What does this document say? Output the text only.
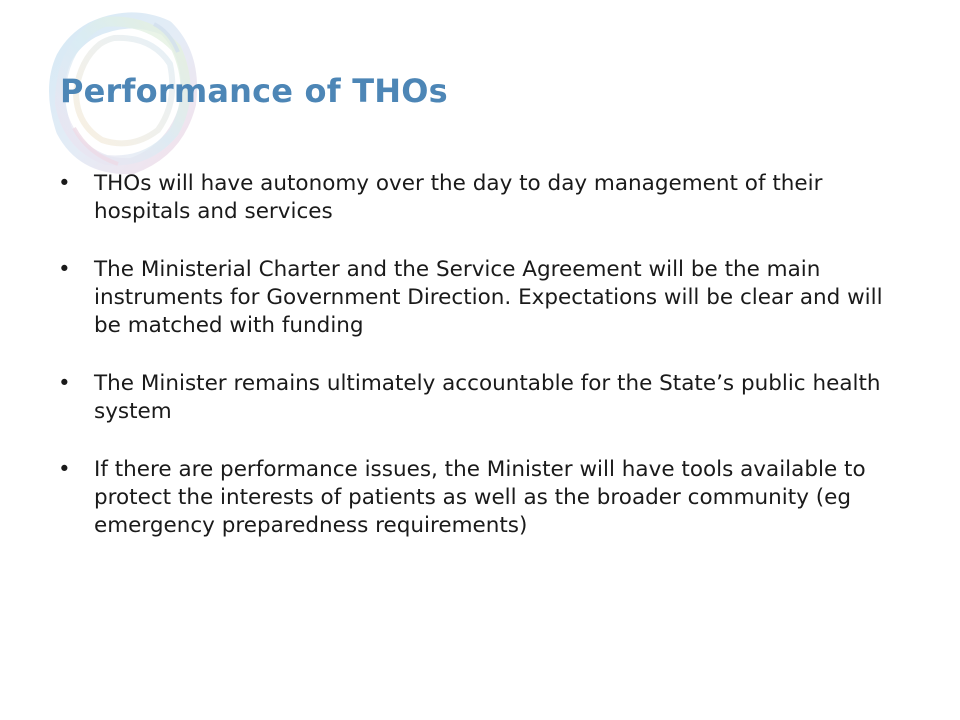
Performance of THOs
•	THOs will have autonomy over the day to day management of their hospitals and services
•	The Ministerial Charter and the Service Agreement will be the main instruments for Government Direction. Expectations will be clear and will be matched with funding
•	The Minister remains ultimately accountable for the State’s public health system
•	If there are performance issues, the Minister will have tools available to protect the interests of patients as well as the broader community (eg emergency preparedness requirements)
